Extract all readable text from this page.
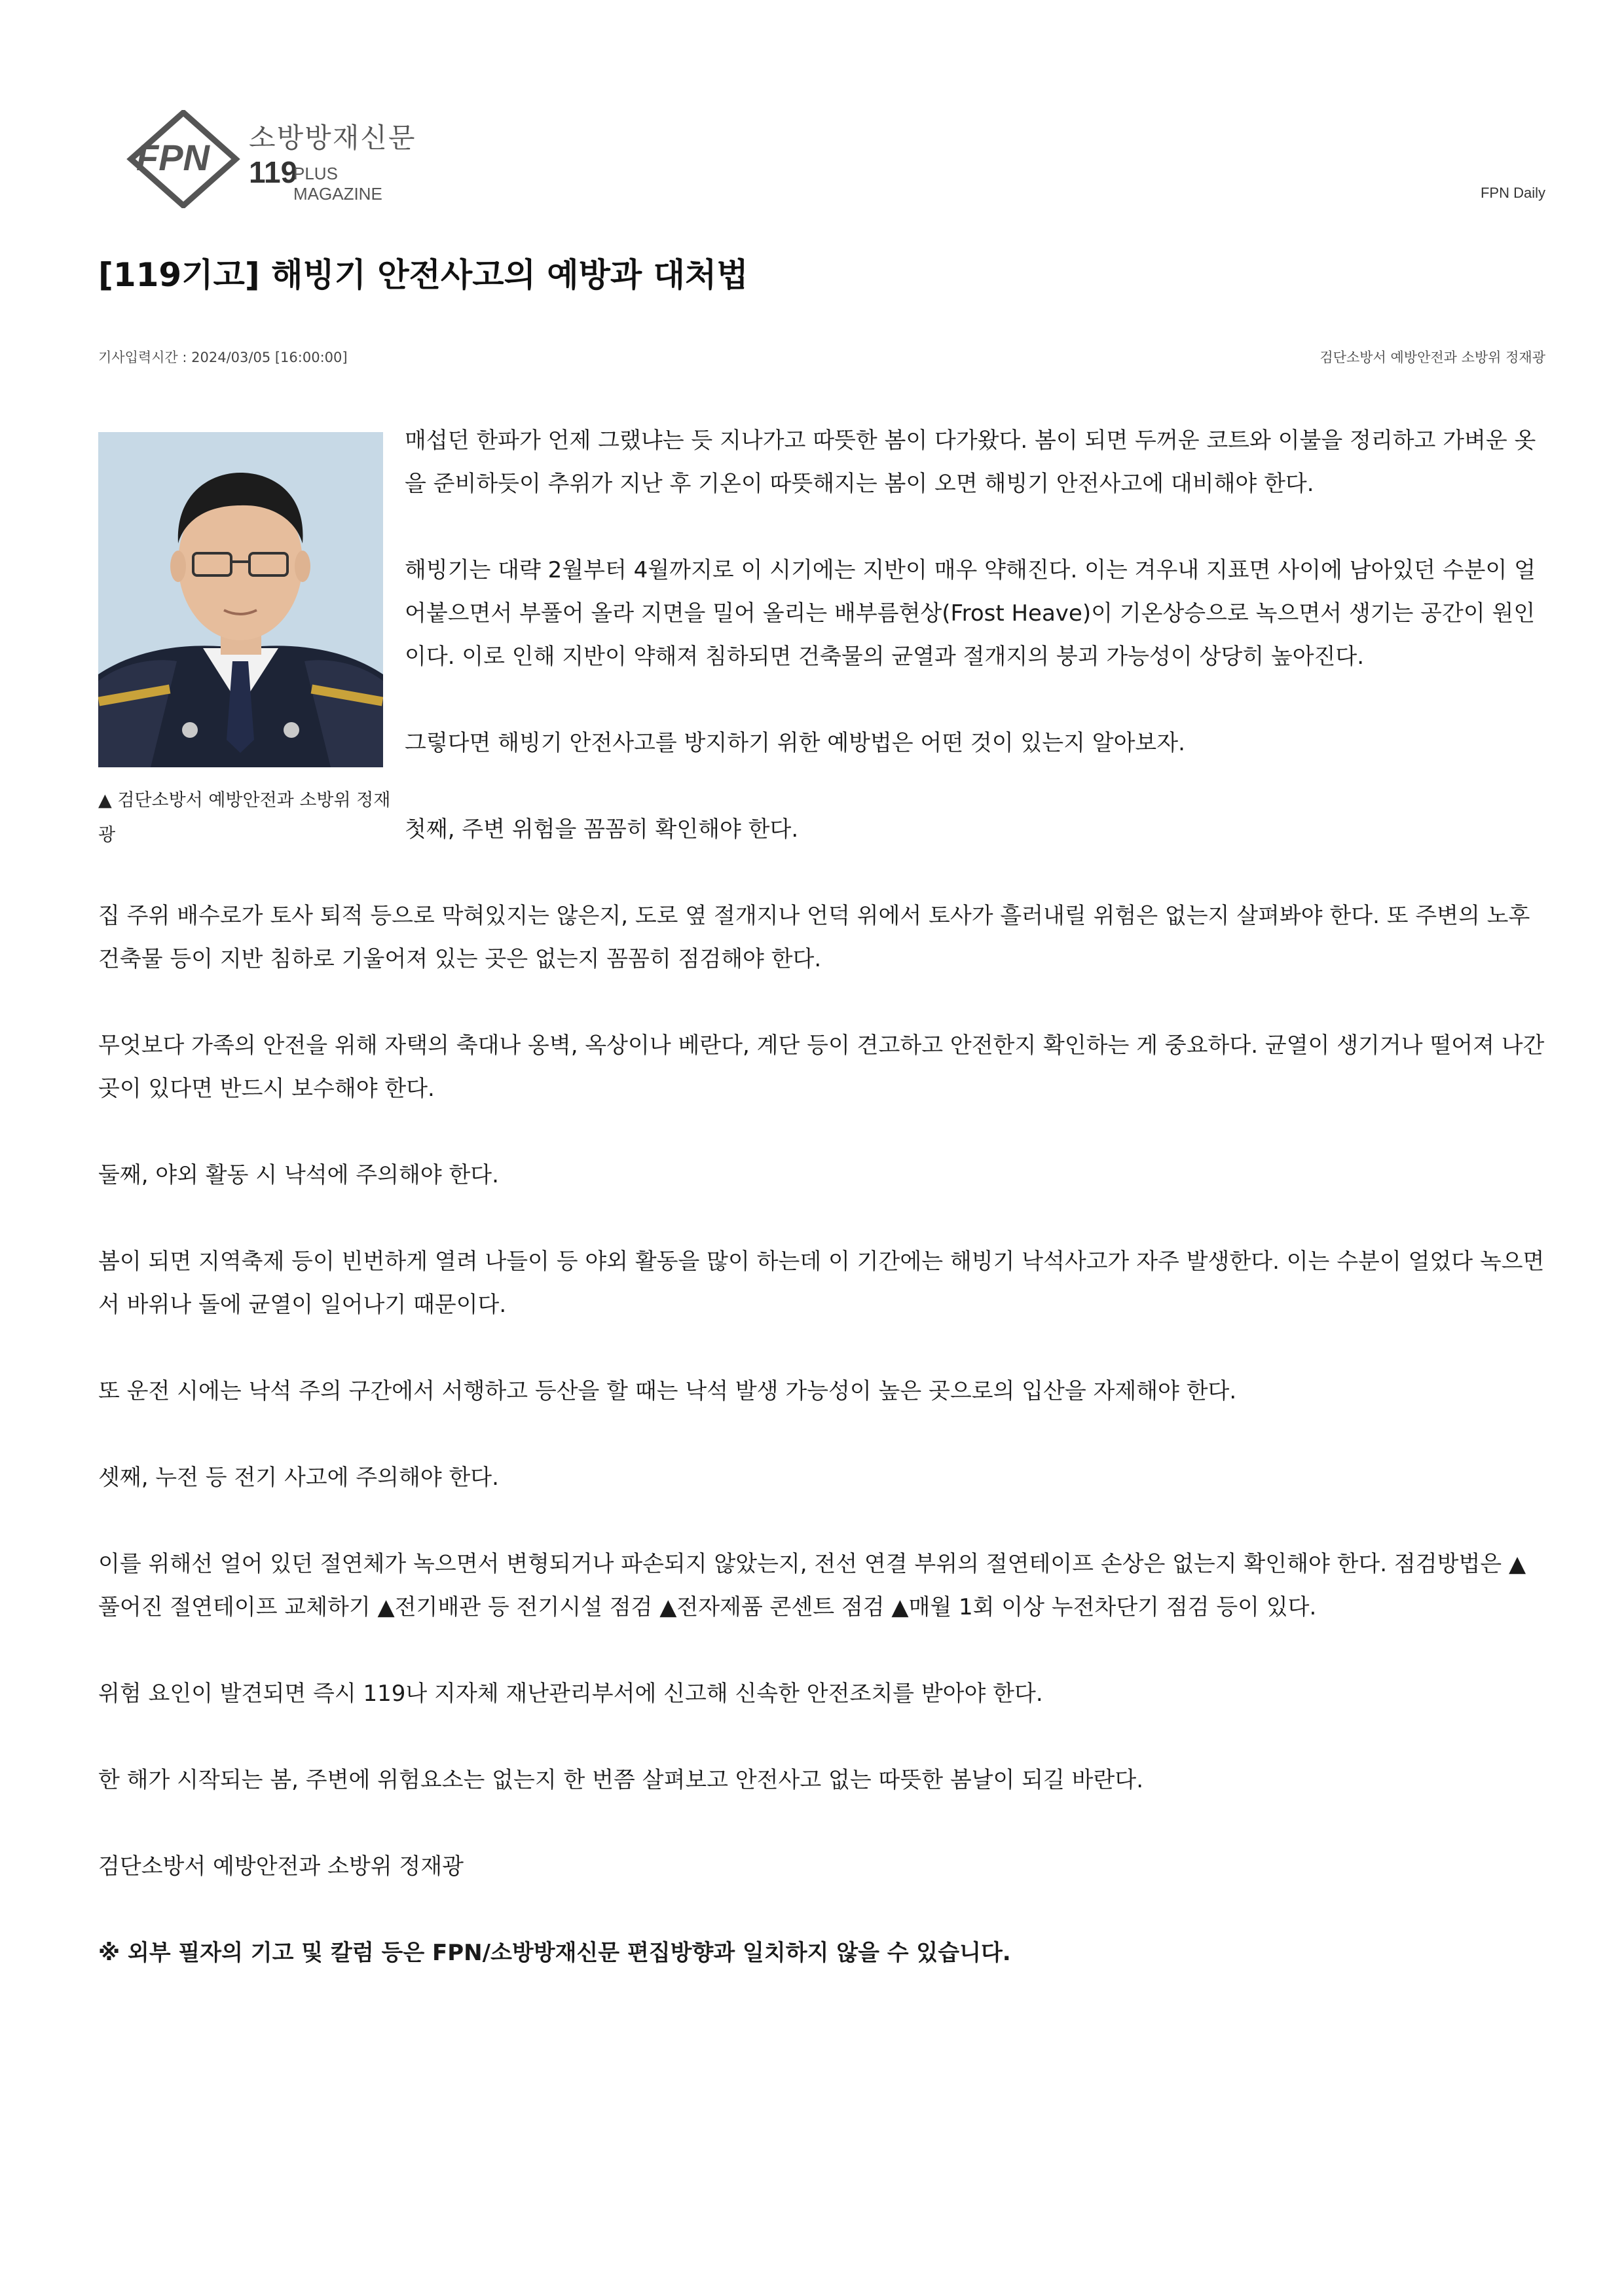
FPN 소방방재신문
119
PLUS MAGAZINE	FPN Daily
[119기고] 해빙기 안전사고의 예방과 대처법
기사입력시간 : 2024/03/05 [16:00:00]	검단소방서 예방안전과 소방위 정재광
▲ 검단소방서 예방안전과 소방위 정재광

매섭던 한파가 언제 그랬냐는 듯 지나가고 따뜻한 봄이 다가왔다. 봄이 되면 두꺼운 코트와 이불을 정리하고 가벼운 옷을 준비하듯이 추위가 지난 후 기온이 따뜻해지는 봄이 오면 해빙기 안전사고에 대비해야 한다.

해빙기는 대략 2월부터 4월까지로 이 시기에는 지반이 매우 약해진다. 이는 겨우내 지표면 사이에 남아있던 수분이 얼어붙으면서 부풀어 올라 지면을 밀어 올리는 배부름현상(Frost Heave)이 기온상승으로 녹으면서 생기는 공간이 원인이다. 이로 인해 지반이 약해져 침하되면 건축물의 균열과 절개지의 붕괴 가능성이 상당히 높아진다.

그렇다면 해빙기 안전사고를 방지하기 위한 예방법은 어떤 것이 있는지 알아보자.

첫째, 주변 위험을 꼼꼼히 확인해야 한다.

집 주위 배수로가 토사 퇴적 등으로 막혀있지는 않은지, 도로 옆 절개지나 언덕 위에서 토사가 흘러내릴 위험은 없는지 살펴봐야 한다. 또 주변의 노후 건축물 등이 지반 침하로 기울어져 있는 곳은 없는지 꼼꼼히 점검해야 한다.

무엇보다 가족의 안전을 위해 자택의 축대나 옹벽, 옥상이나 베란다, 계단 등이 견고하고 안전한지 확인하는 게 중요하다. 균열이 생기거나 떨어져 나간 곳이 있다면 반드시 보수해야 한다.

둘째, 야외 활동 시 낙석에 주의해야 한다.

봄이 되면 지역축제 등이 빈번하게 열려 나들이 등 야외 활동을 많이 하는데 이 기간에는 해빙기 낙석사고가 자주 발생한다. 이는 수분이 얼었다 녹으면서 바위나 돌에 균열이 일어나기 때문이다.

또 운전 시에는 낙석 주의 구간에서 서행하고 등산을 할 때는 낙석 발생 가능성이 높은 곳으로의 입산을 자제해야 한다.

셋째, 누전 등 전기 사고에 주의해야 한다.

이를 위해선 얼어 있던 절연체가 녹으면서 변형되거나 파손되지 않았는지, 전선 연결 부위의 절연테이프 손상은 없는지 확인해야 한다. 점검방법은 ▲풀어진 절연테이프 교체하기 ▲전기배관 등 전기시설 점검 ▲전자제품 콘센트 점검 ▲매월 1회 이상 누전차단기 점검 등이 있다.

위험 요인이 발견되면 즉시 119나 지자체 재난관리부서에 신고해 신속한 안전조치를 받아야 한다.

한 해가 시작되는 봄, 주변에 위험요소는 없는지 한 번쯤 살펴보고 안전사고 없는 따뜻한 봄날이 되길 바란다.

검단소방서 예방안전과 소방위 정재광

※ 외부 필자의 기고 및 칼럼 등은 FPN/소방방재신문 편집방향과 일치하지 않을 수 있습니다.
